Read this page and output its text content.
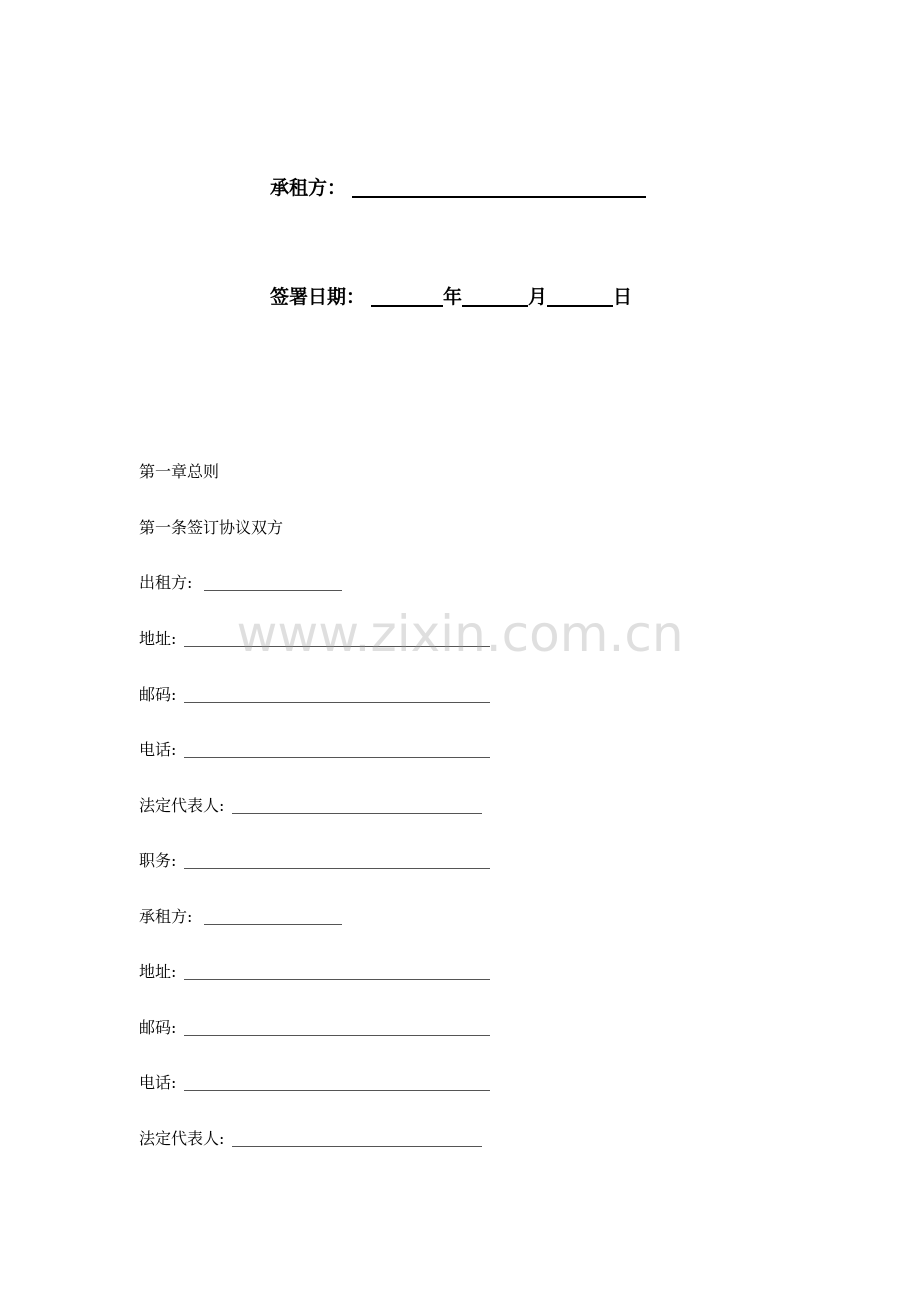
承租方：
签署日期：	年	月	日
第一章总则
第一条签订协议双方
出租方:
地址:
邮码:
电话:
法定代表人:
职务:
承租方:
地址:
邮码:
电话:
法定代表人:
www.zixin.com.cn
